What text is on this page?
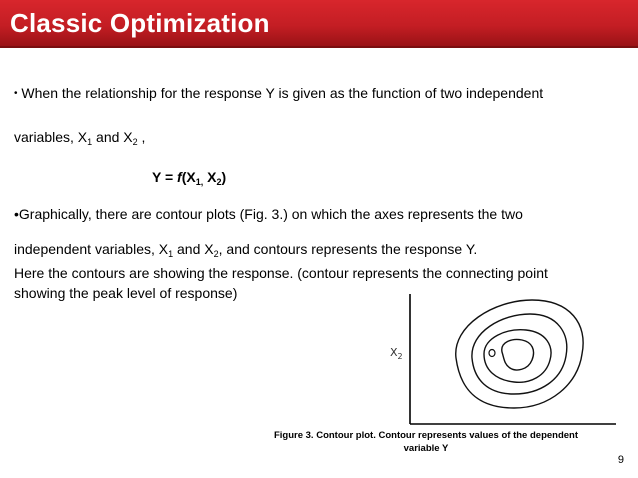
Classic Optimization
• When the relationship for the response Y is given as the function of two independent
variables, $X_1$ and $X_2$ ,
$Y = f(X_{1,}$ $X_2$)
•Graphically, there are contour plots (Fig. 3.) on which the axes represents the two
independent variables, $X_1$ and $X_2$, and contours represents the response Y.
Here the contours are showing the response. (contour represents the connecting point
showing the peak level of response)
$X_2$
Figure 3. Contour plot. Contour represents values of the dependent
variable Y
9
